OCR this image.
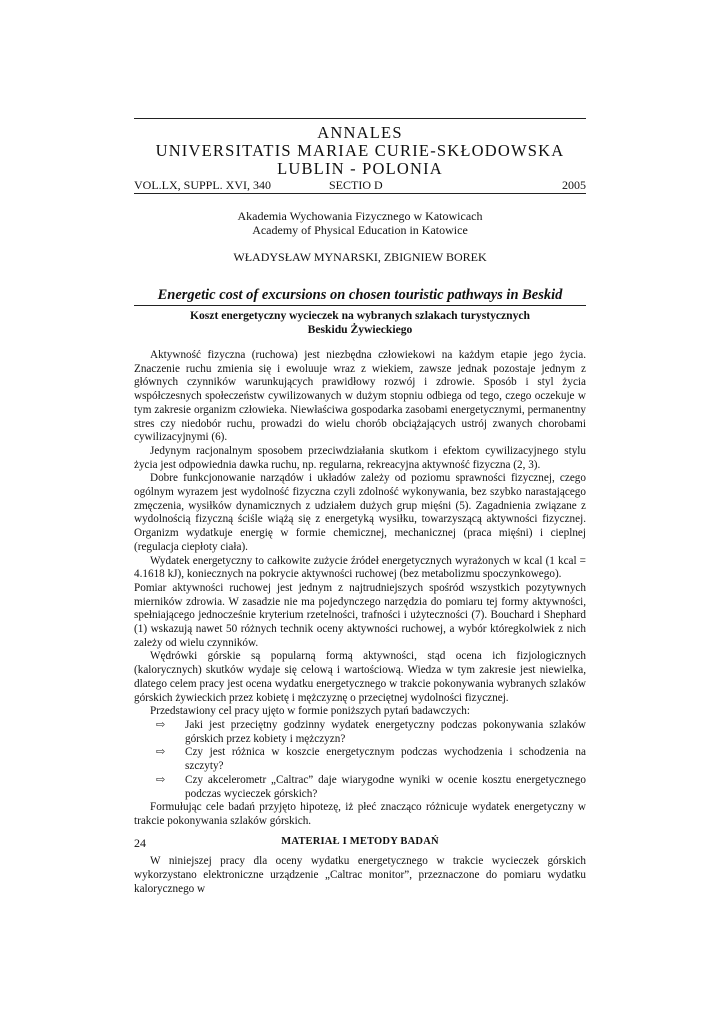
ANNALES
UNIVERSITATIS MARIAE CURIE-SKŁODOWSKA
LUBLIN - POLONIA
VOL.LX, SUPPL. XVI, 340	SECTIO D	2005
Akademia Wychowania Fizycznego w Katowicach
Academy of Physical Education in Katowice
WŁADYSŁAW MYNARSKI, ZBIGNIEW BOREK
Energetic cost of excursions on chosen touristic pathways in Beskid
Koszt energetyczny wycieczek na wybranych szlakach turystycznych
Beskidu Żywieckiego

Aktywność fizyczna (ruchowa) jest niezbędna człowiekowi na każdym etapie jego życia. Znaczenie ruchu zmienia się i ewoluuje wraz z wiekiem, zawsze jednak pozostaje jednym z głównych czynników warunkujących prawidłowy rozwój i zdrowie. Sposób i styl życia współczesnych społeczeństw cywilizowanych w dużym stopniu odbiega od tego, czego oczekuje w tym zakresie organizm człowieka. Niewłaściwa gospodarka zasobami energetycznymi, permanentny stres czy niedobór ruchu, prowadzi do wielu chorób obciążających ustrój zwanych chorobami cywilizacyjnymi (6).

Jedynym racjonalnym sposobem przeciwdziałania skutkom i efektom cywilizacyjnego stylu życia jest odpowiednia dawka ruchu, np. regularna, rekreacyjna aktywność fizyczna (2, 3).

Dobre funkcjonowanie narządów i układów zależy od poziomu sprawności fizycznej, czego ogólnym wyrazem jest wydolność fizyczna czyli zdolność wykonywania, bez szybko narastającego zmęczenia, wysiłków dynamicznych z udziałem dużych grup mięśni (5). Zagadnienia związane z wydolnością fizyczną ściśle wiążą się z energetyką wysiłku, towarzyszącą aktywności fizycznej. Organizm wydatkuje energię w formie chemicznej, mechanicznej (praca mięśni) i cieplnej (regulacja ciepłoty ciała).

Wydatek energetyczny to całkowite zużycie źródeł energetycznych wyrażonych w kcal (1 kcal = 4.1618 kJ), koniecznych na pokrycie aktywności ruchowej (bez metabolizmu spoczynkowego).

Pomiar aktywności ruchowej jest jednym z najtrudniejszych spośród wszystkich pozytywnych mierników zdrowia. W zasadzie nie ma pojedynczego narzędzia do pomiaru tej formy aktywności, spełniającego jednocześnie kryterium rzetelności, trafności i użyteczności (7). Bouchard i Shephard (1) wskazują nawet 50 różnych technik oceny aktywności ruchowej, a wybór któregkolwiek z nich zależy od wielu czynników.

Wędrówki górskie są popularną formą aktywności, stąd ocena ich fizjologicznych (kalorycznych) skutków wydaje się celową i wartościową. Wiedza w tym zakresie jest niewielka, dlatego celem pracy jest ocena wydatku energetycznego w trakcie pokonywania wybranych szlaków górskich żywieckich przez kobietę i mężczyznę o przeciętnej wydolności fizycznej.

Przedstawiony cel pracy ujęto w formie poniższych pytań badawczych:

⇨ Jaki jest przeciętny godzinny wydatek energetyczny podczas pokonywania szlaków górskich przez kobiety i mężczyzn?
⇨ Czy jest różnica w koszcie energetycznym podczas wychodzenia i schodzenia na szczyty?
⇨ Czy akcelerometr „Caltrac” daje wiarygodne wyniki w ocenie kosztu energetycznego podczas wycieczek górskich?

Formułując cele badań przyjęto hipotezę, iż płeć znacząco różnicuje wydatek energetyczny w trakcie pokonywania szlaków górskich.

MATERIAŁ I METODY BADAŃ

W niniejszej pracy dla oceny wydatku energetycznego w trakcie wycieczek górskich wykorzystano elektroniczne urządzenie „Caltrac monitor”, przeznaczone do pomiaru wydatku kalorycznego w

24
